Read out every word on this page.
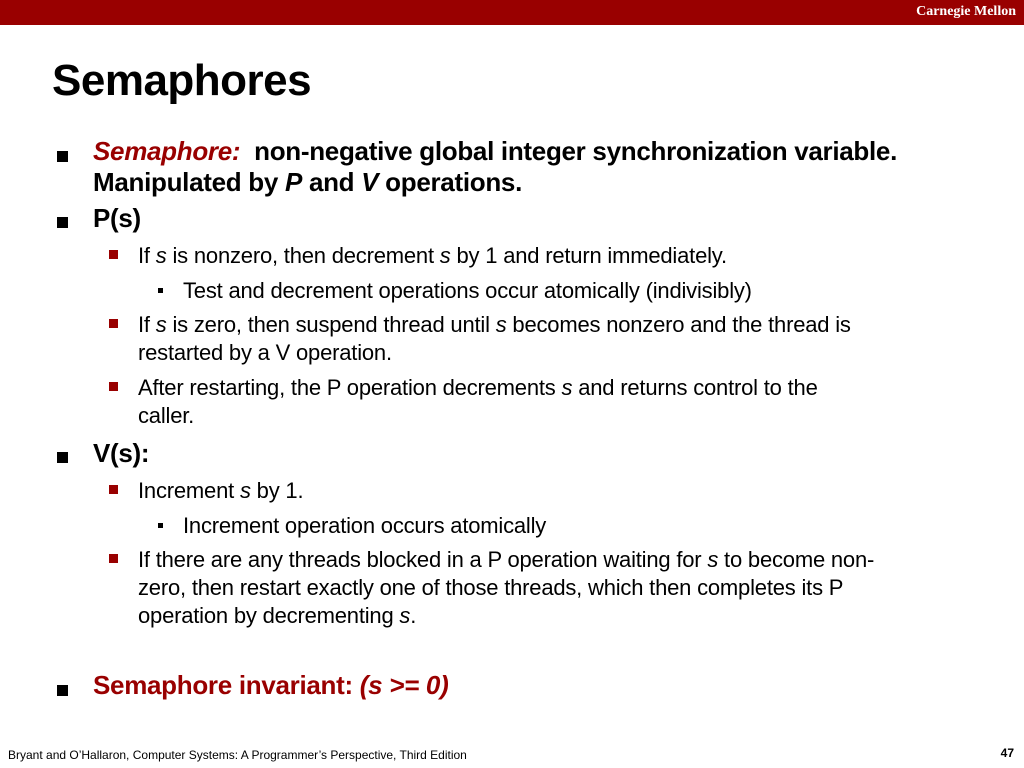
Carnegie Mellon
Semaphores
Semaphore: non-negative global integer synchronization variable.
Manipulated by P and V operations.
P(s)
If s is nonzero, then decrement s by 1 and return immediately.
Test and decrement operations occur atomically (indivisibly)
If s is zero, then suspend thread until s becomes nonzero and the thread is
restarted by a V operation.
After restarting, the P operation decrements s and returns control to the
caller.
V(s):
Increment s by 1.
Increment operation occurs atomically
If there are any threads blocked in a P operation waiting for s to become non-
zero, then restart exactly one of those threads, which then completes its P
operation by decrementing s.
Semaphore invariant: (s >= 0)
Bryant and O’Hallaron, Computer Systems: A Programmer’s Perspective, Third Edition	47
